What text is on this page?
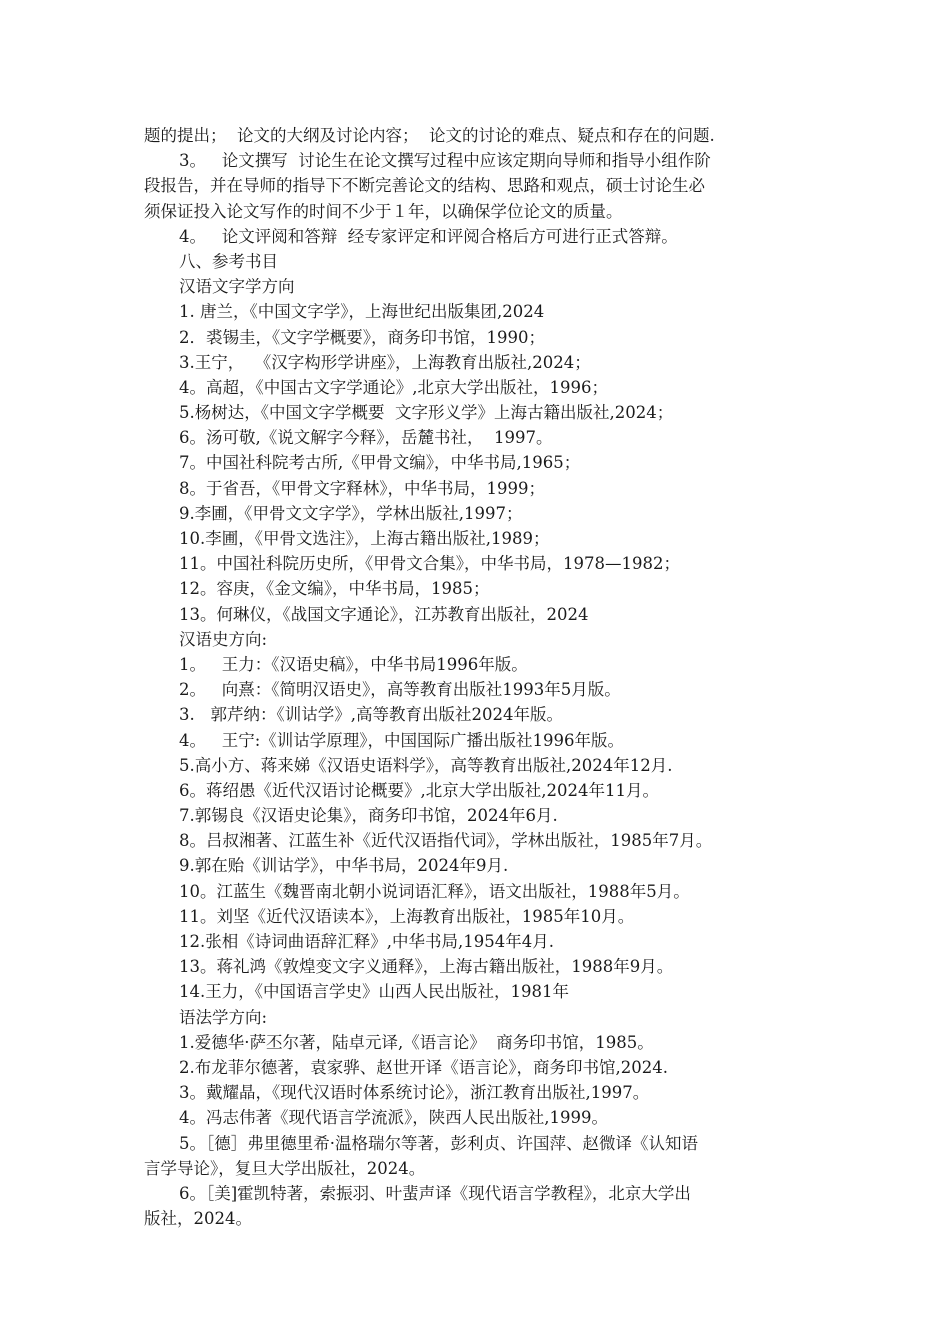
题的提出；  论文的大纲及讨论内容；  论文的讨论的难点、疑点和存在的问题.
3。   论文撰写  讨论生在论文撰写过程中应该定期向导师和指导小组作阶
段报告，并在导师的指导下不断完善论文的结构、思路和观点，硕士讨论生必
须保证投入论文写作的时间不少于１年，以确保学位论文的质量。
4。   论文评阅和答辩  经专家评定和评阅合格后方可进行正式答辩。
八、参考书目
汉语文字学方向
1. 唐兰，《中国文字学》，上海世纪出版集团,2024
2．裘锡圭，《文字学概要》，商务印书馆，1990；
3.王宁，  《汉字构形学讲座》，上海教育出版社,2024；
4。高超，《中国古文字学通论》,北京大学出版社，1996；
5.杨树达，《中国文字学概要  文字形义学》上海古籍出版社,2024；
6。汤可敬,《说文解字今释》，岳麓书社，  1997。
7。中国社科院考古所,《甲骨文编》，中华书局,1965；
8。于省吾，《甲骨文字释林》，中华书局，1999；
9.李圃，《甲骨文文字学》，学林出版社,1997；
10.李圃，《甲骨文选注》，上海古籍出版社,1989；
11。中国社科院历史所，《甲骨文合集》，中华书局，1978—1982；
12。容庚，《金文编》，中华书局，1985；
13。何琳仪，《战国文字通论》，江苏教育出版社，2024
汉语史方向:
1。   王力：《汉语史稿》，中华书局1996年版。
2。   向熹：《简明汉语史》，高等教育出版社1993年5月版。
3.   郭芹纳：《训诂学》,高等教育出版社2024年版。
4。   王宁:《训诂学原理》，中国国际广播出版社1996年版。
5.高小方、蒋来娣《汉语史语料学》，高等教育出版社,2024年12月.
6。蒋绍愚《近代汉语讨论概要》,北京大学出版社,2024年11月。
7.郭锡良《汉语史论集》，商务印书馆，2024年6月.
8。吕叔湘著、江蓝生补《近代汉语指代词》，学林出版社，1985年7月。
9.郭在贻《训诂学》，中华书局，2024年9月.
10。江蓝生《魏晋南北朝小说词语汇释》，语文出版社，1988年5月。
11。刘坚《近代汉语读本》，上海教育出版社，1985年10月。
12.张相《诗词曲语辞汇释》,中华书局,1954年4月.
13。蒋礼鸿《敦煌变文字义通释》，上海古籍出版社，1988年9月。
14.王力，《中国语言学史》山西人民出版社，1981年
语法学方向:
1.爱德华·萨丕尔著，陆卓元译,《语言论》  商务印书馆，1985。
2.布龙菲尔德著，袁家骅、赵世开译《语言论》，商务印书馆,2024.
3。戴耀晶，《现代汉语时体系统讨论》，浙江教育出版社,1997。
4。冯志伟著《现代语言学流派》，陕西人民出版社,1999。
5。［德］弗里德里希·温格瑞尔等著，彭利贞、许国萍、赵微译《认知语
言学导论》，复旦大学出版社，2024。
6。［美]霍凯特著，索振羽、叶蜚声译《现代语言学教程》，北京大学出
版社，2024。
